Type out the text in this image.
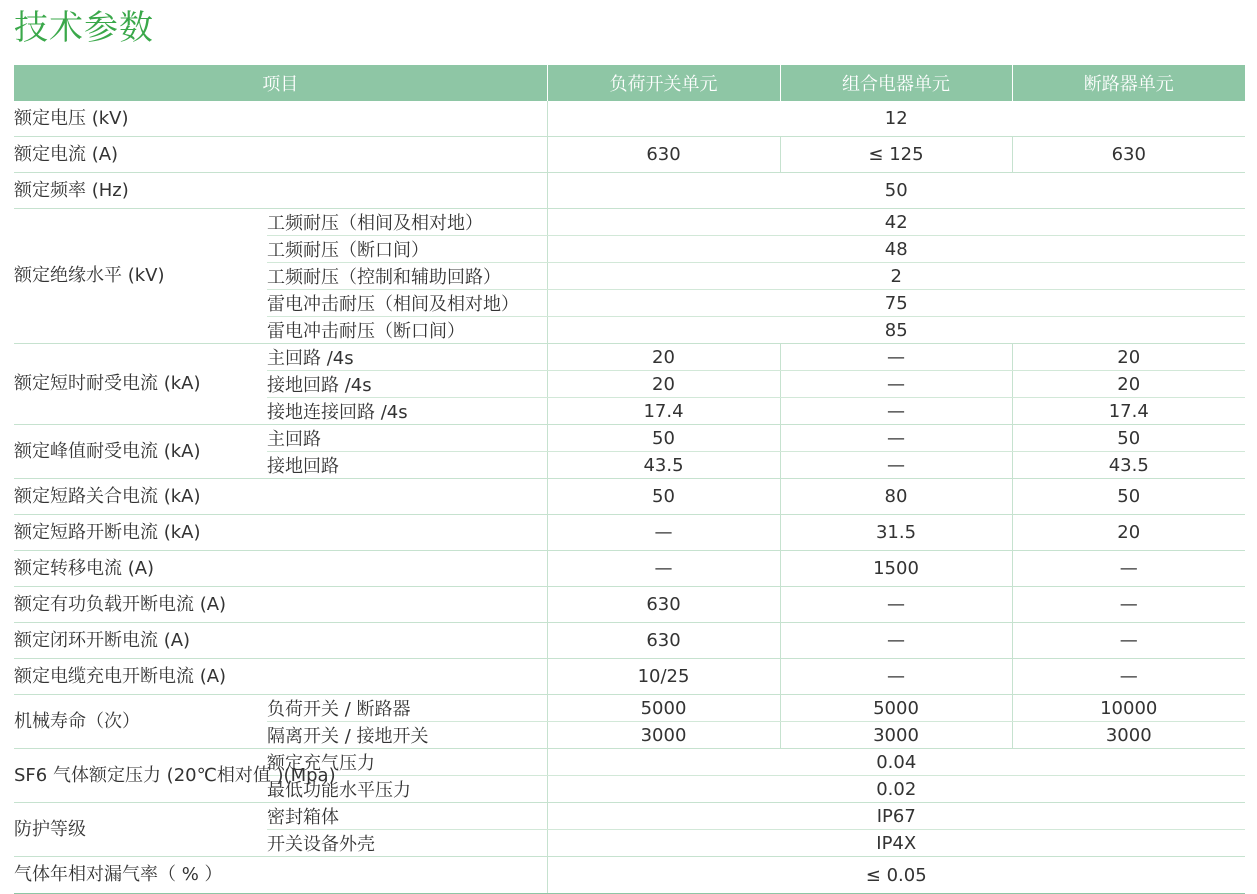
技术参数
项目		负荷开关单元	组合电器单元	断路器单元
额定电压 (kV)		12		
额定电流 (A)		630	≤ 125	630
额定频率 (Hz)		50		
额定绝缘水平 (kV)	工频耐压（相间及相对地）	42		
	工频耐压（断口间）	48		
	工频耐压（控制和辅助回路）	2		
	雷电冲击耐压（相间及相对地）	75		
	雷电冲击耐压（断口间）	85		
额定短时耐受电流 (kA)	主回路 /4s	20	—	20
	接地回路 /4s	20	—	20
	接地连接回路 /4s	17.4	—	17.4
额定峰值耐受电流 (kA)	主回路	50	—	50
	接地回路	43.5	—	43.5
额定短路关合电流 (kA)		50	80	50
额定短路开断电流 (kA)		—	31.5	20
额定转移电流 (A)		—	1500	—
额定有功负载开断电流 (A)		630	—	—
额定闭环开断电流 (A)		630	—	—
额定电缆充电开断电流 (A)		10/25	—	—
机械寿命（次）	负荷开关 / 断路器	5000	5000	10000
	隔离开关 / 接地开关	3000	3000	3000
SF6 气体额定压力 (20℃相对值 )(Mpa)	额定充气压力	0.04		
	最低功能水平压力	0.02		
防护等级	密封箱体	IP67		
	开关设备外壳	IP4X		
气体年相对漏气率（ % ）		≤ 0.05		
